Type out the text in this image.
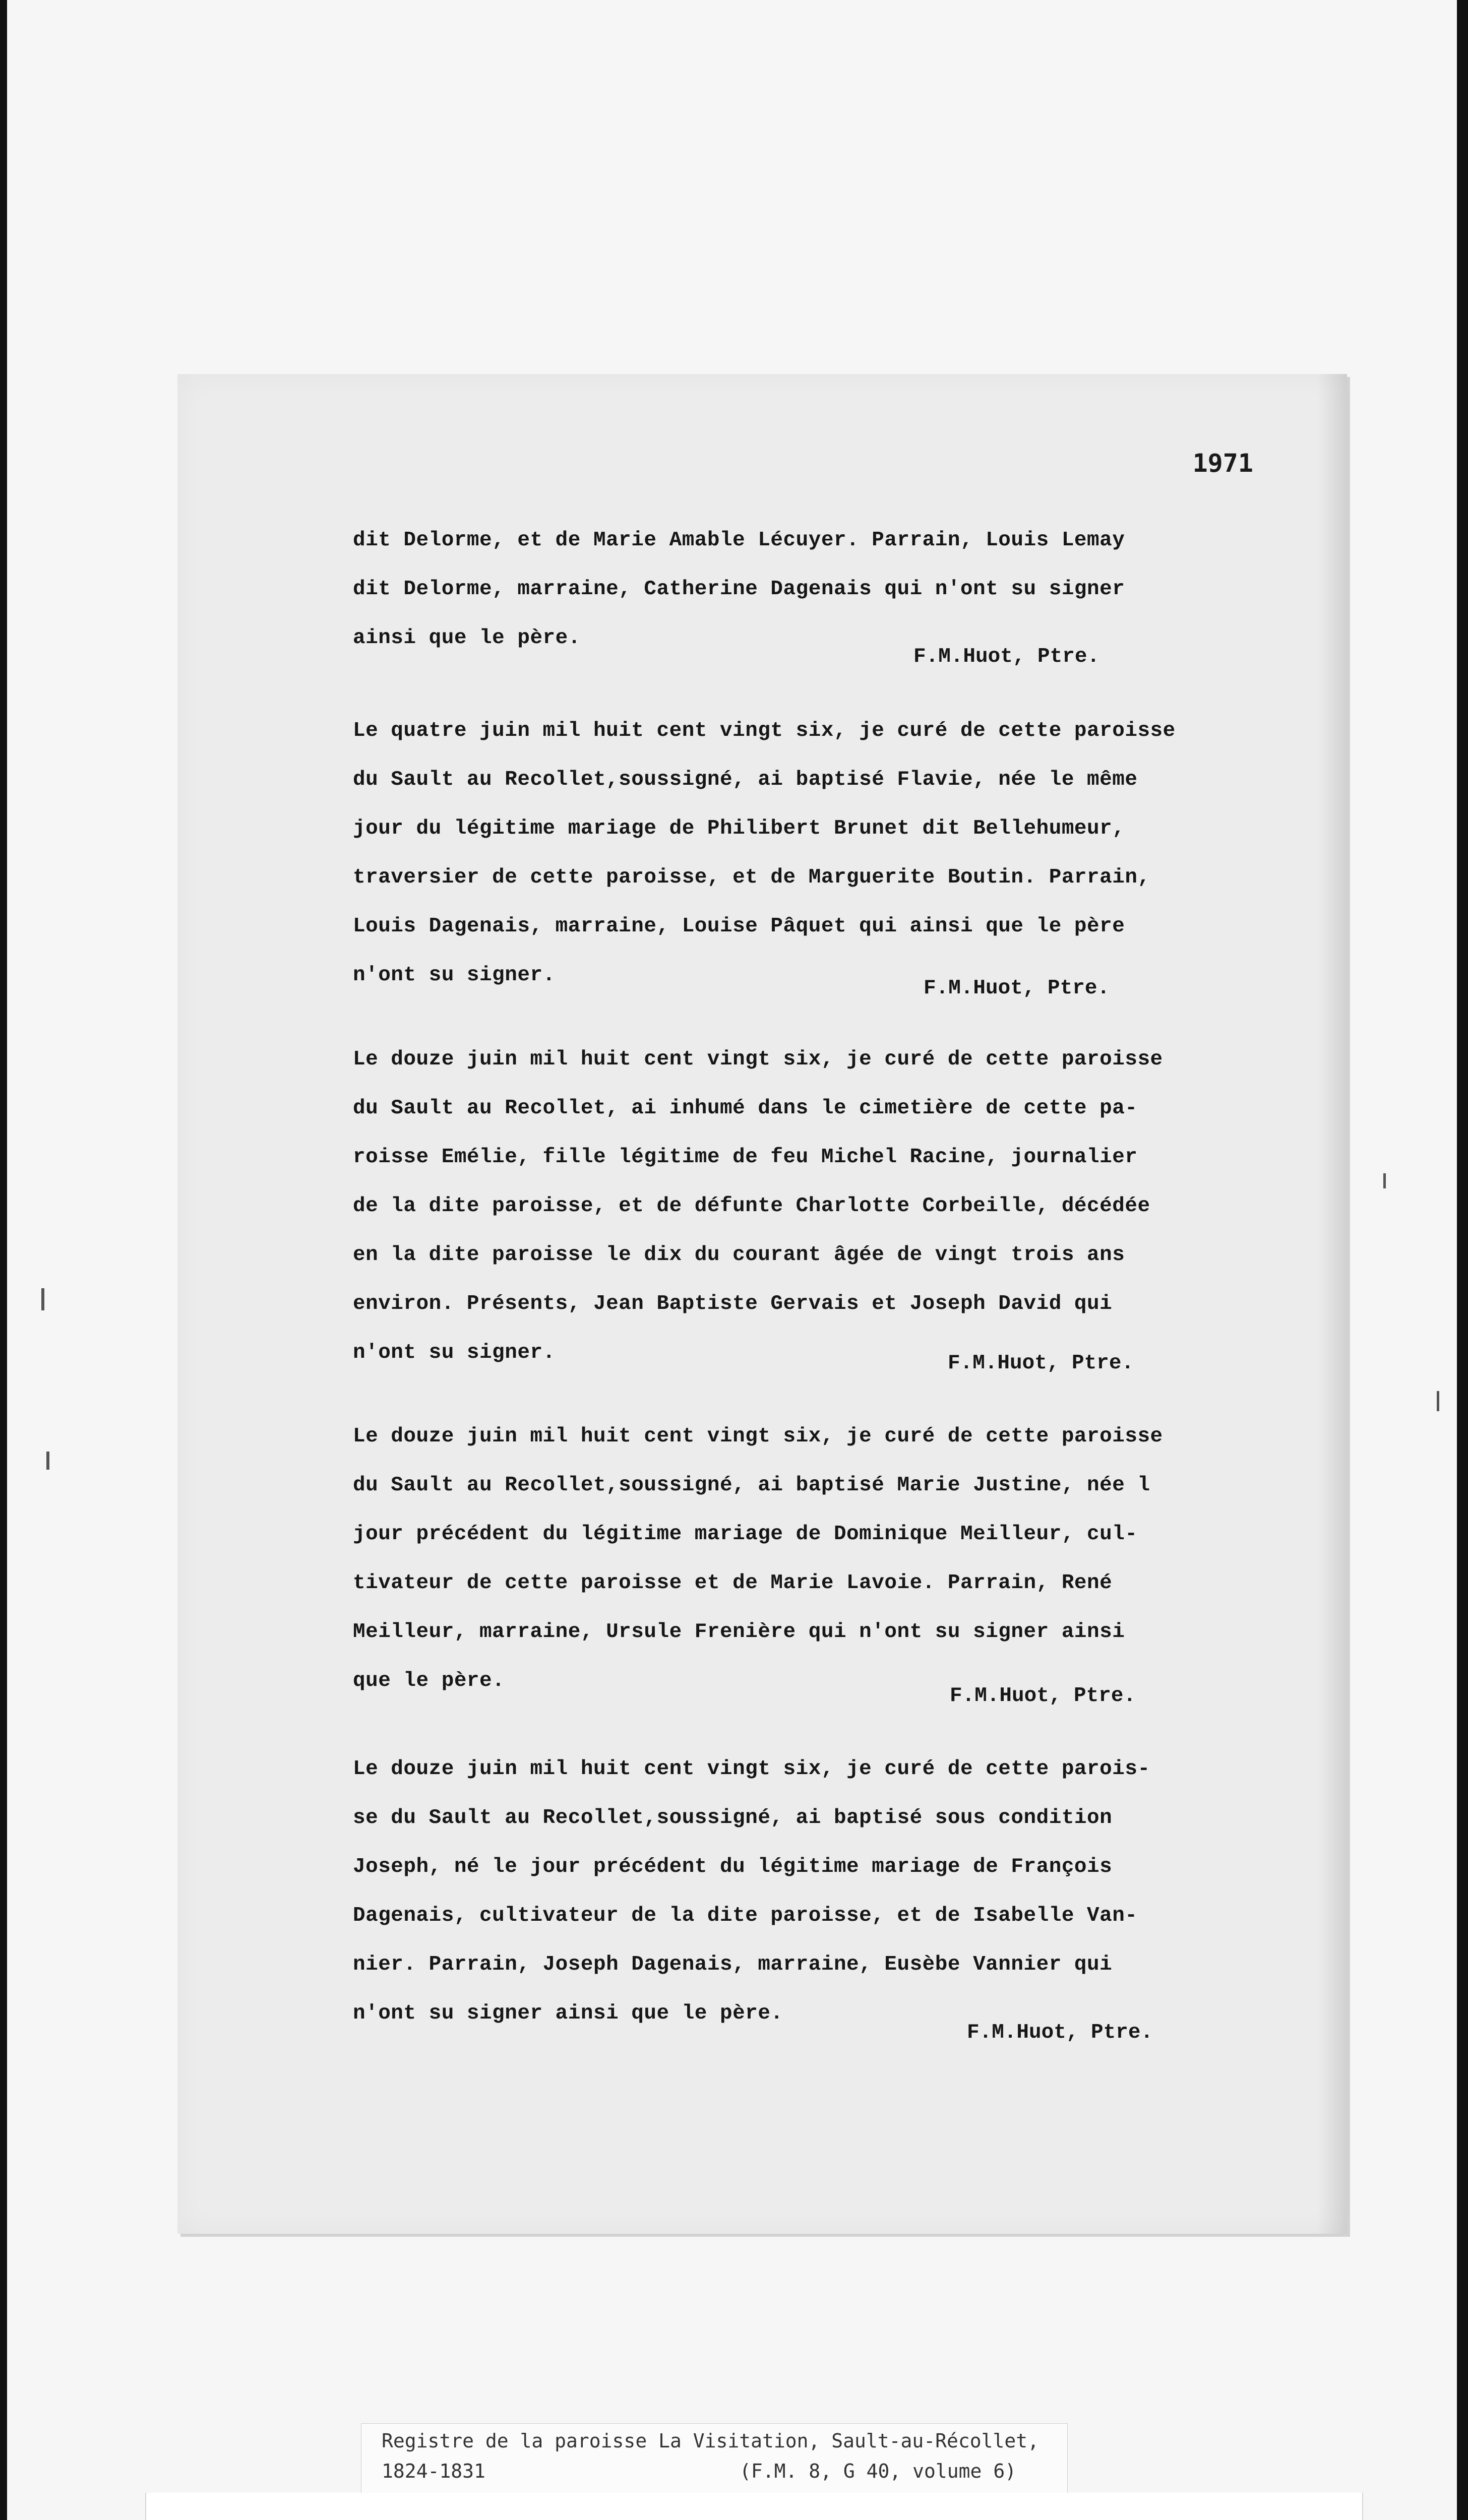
1971
dit Delorme, et de Marie Amable Lécuyer. Parrain, Louis Lemay
dit Delorme, marraine, Catherine Dagenais qui n'ont su signer
ainsi que le père.
F.M.Huot, Ptre.
Le quatre juin mil huit cent vingt six, je curé de cette paroisse
du Sault au Recollet,soussigné, ai baptisé Flavie, née le même
jour du légitime mariage de Philibert Brunet dit Bellehumeur,
traversier de cette paroisse, et de Marguerite Boutin. Parrain,
Louis Dagenais, marraine, Louise Pâquet qui ainsi que le père
n'ont su signer.
F.M.Huot, Ptre.
Le douze juin mil huit cent vingt six, je curé de cette paroisse
du Sault au Recollet, ai inhumé dans le cimetière de cette pa-
roisse Emélie, fille légitime de feu Michel Racine, journalier
de la dite paroisse, et de défunte Charlotte Corbeille, décédée
en la dite paroisse le dix du courant âgée de vingt trois ans
environ. Présents, Jean Baptiste Gervais et Joseph David qui
n'ont su signer.	F.M.Huot, Ptre.
Le douze juin mil huit cent vingt six, je curé de cette paroisse
du Sault au Recollet,soussigné, ai baptisé Marie Justine, née l
jour précédent du légitime mariage de Dominique Meilleur, cul-
tivateur de cette paroisse et de Marie Lavoie. Parrain, René
Meilleur, marraine, Ursule Frenière qui n'ont su signer ainsi
que le père.
F.M.Huot, Ptre.
Le douze juin mil huit cent vingt six, je curé de cette parois-
se du Sault au Recollet,soussigné, ai baptisé sous condition
Joseph, né le jour précédent du légitime mariage de François
Dagenais, cultivateur de la dite paroisse, et de Isabelle Van-
nier. Parrain, Joseph Dagenais, marraine, Eusèbe Vannier qui
n'ont su signer ainsi que le père.
F.M.Huot, Ptre.
Registre de la paroisse La Visitation, Sault-au-Récollet,
1824-1831	(F.M. 8, G 40, volume 6)
